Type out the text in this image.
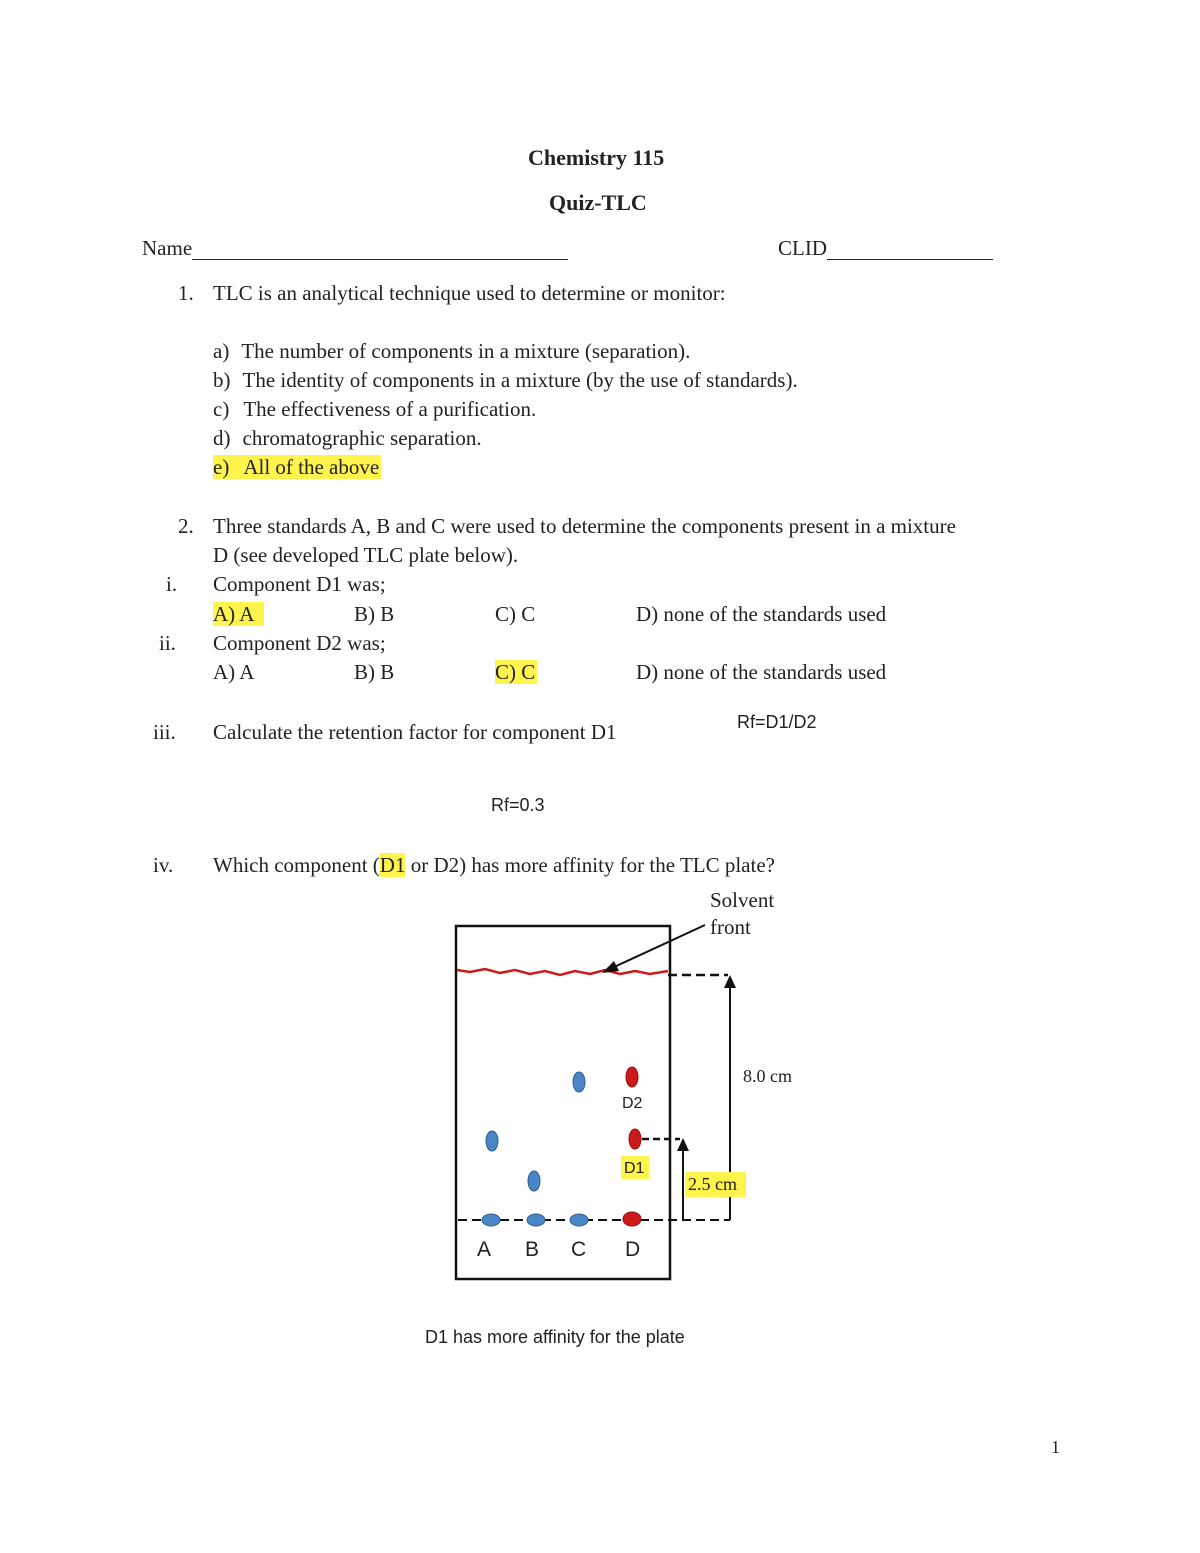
Chemistry 115
Quiz-TLC
Name	CLID
1. TLC is an analytical technique used to determine or monitor:
a) The number of components in a mixture (separation).
b) The identity of components in a mixture (by the use of standards).
c) The effectiveness of a purification.
d) chromatographic separation.
e) All of the above
2. Three standards A, B and C were used to determine the components present in a mixture
D (see developed TLC plate below).
i. Component D1 was;
A) A	B) B	C) C	D) none of the standards used
ii. Component D2 was;
A) A	B) B	C) C	D) none of the standards used
iii. Calculate the retention factor for component D1	Rf=D1/D2
Rf=0.3
iv. Which component (D1 or D2) has more affinity for the TLC plate?
Solvent
front
8.0 cm
2.5 cm
D2
D1
A B C D
D1 has more affinity for the plate
1
